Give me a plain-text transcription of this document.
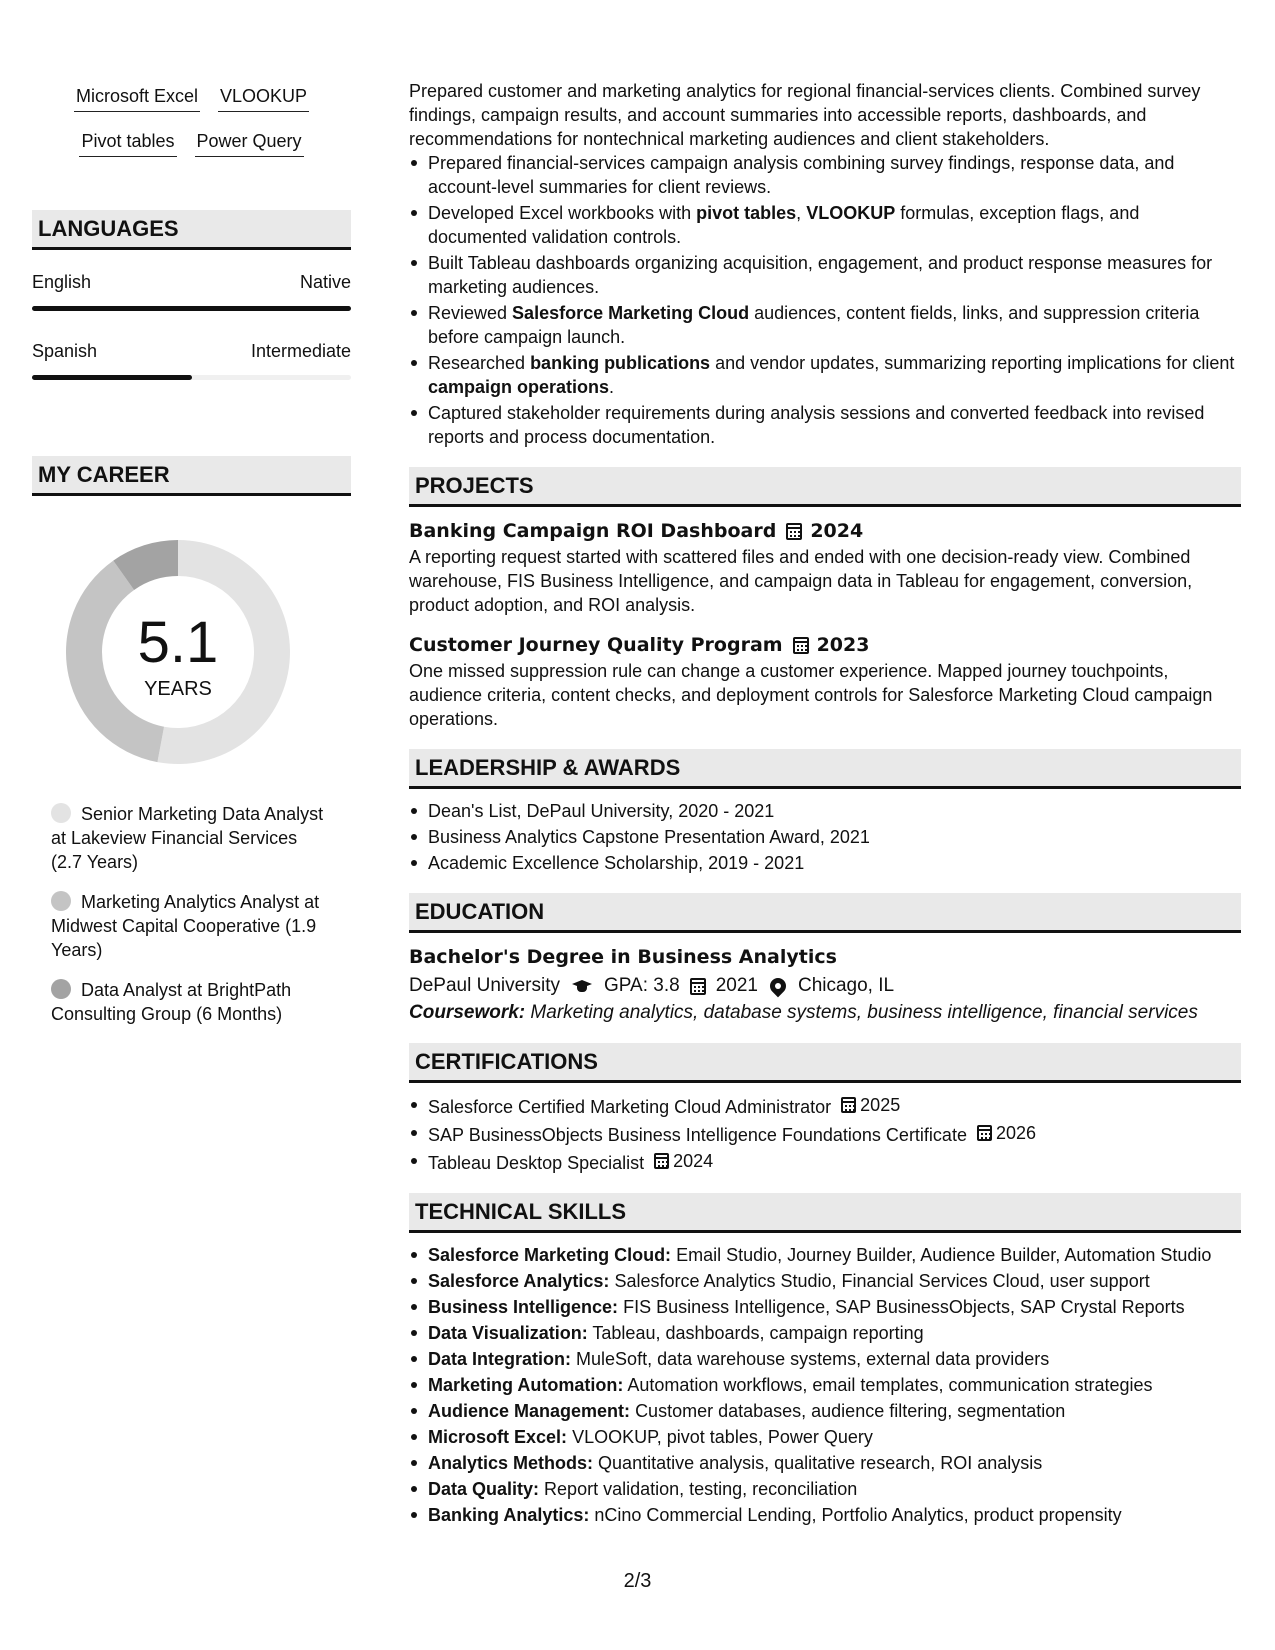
Microsoft Excel VLOOKUP
Pivot tables Power Query
LANGUAGES
English	Native
Spanish	Intermediate
MY CAREER
5.1
YEARS
Senior Marketing Data Analyst at Lakeview Financial Services (2.7 Years)
Marketing Analytics Analyst at Midwest Capital Cooperative (1.9 Years)
Data Analyst at BrightPath Consulting Group (6 Months)

Prepared customer and marketing analytics for regional financial-services clients. Combined survey findings, campaign results, and account summaries into accessible reports, dashboards, and recommendations for nontechnical marketing audiences and client stakeholders.

Prepared financial-services campaign analysis combining survey findings, response data, and account-level summaries for client reviews.
Developed Excel workbooks with pivot tables, VLOOKUP formulas, exception flags, and documented validation controls.
Built Tableau dashboards organizing acquisition, engagement, and product response measures for marketing audiences.
Reviewed Salesforce Marketing Cloud audiences, content fields, links, and suppression criteria before campaign launch.
Researched banking publications and vendor updates, summarizing reporting implications for client campaign operations.
Captured stakeholder requirements during analysis sessions and converted feedback into revised reports and process documentation.
PROJECTS
Banking Campaign ROI Dashboard 2024

A reporting request started with scattered files and ended with one decision-ready view. Combined warehouse, FIS Business Intelligence, and campaign data in Tableau for engagement, conversion, product adoption, and ROI analysis.

Customer Journey Quality Program 2023

One missed suppression rule can change a customer experience. Mapped journey touchpoints, audience criteria, content checks, and deployment controls for Salesforce Marketing Cloud campaign operations.

LEADERSHIP & AWARDS
Dean's List, DePaul University, 2020 - 2021
Business Analytics Capstone Presentation Award, 2021
Academic Excellence Scholarship, 2019 - 2021
EDUCATION
Bachelor's Degree in Business Analytics
DePaul University GPA: 3.8 2021 Chicago, IL

Coursework: Marketing analytics, database systems, business intelligence, financial services

CERTIFICATIONS
Salesforce Certified Marketing Cloud Administrator 2025
SAP BusinessObjects Business Intelligence Foundations Certificate 2026
Tableau Desktop Specialist 2024
TECHNICAL SKILLS
Salesforce Marketing Cloud: Email Studio, Journey Builder, Audience Builder, Automation Studio
Salesforce Analytics: Salesforce Analytics Studio, Financial Services Cloud, user support
Business Intelligence: FIS Business Intelligence, SAP BusinessObjects, SAP Crystal Reports
Data Visualization: Tableau, dashboards, campaign reporting
Data Integration: MuleSoft, data warehouse systems, external data providers
Marketing Automation: Automation workflows, email templates, communication strategies
Audience Management: Customer databases, audience filtering, segmentation
Microsoft Excel: VLOOKUP, pivot tables, Power Query
Analytics Methods: Quantitative analysis, qualitative research, ROI analysis
Data Quality: Report validation, testing, reconciliation
Banking Analytics: nCino Commercial Lending, Portfolio Analytics, product propensity
2/3
